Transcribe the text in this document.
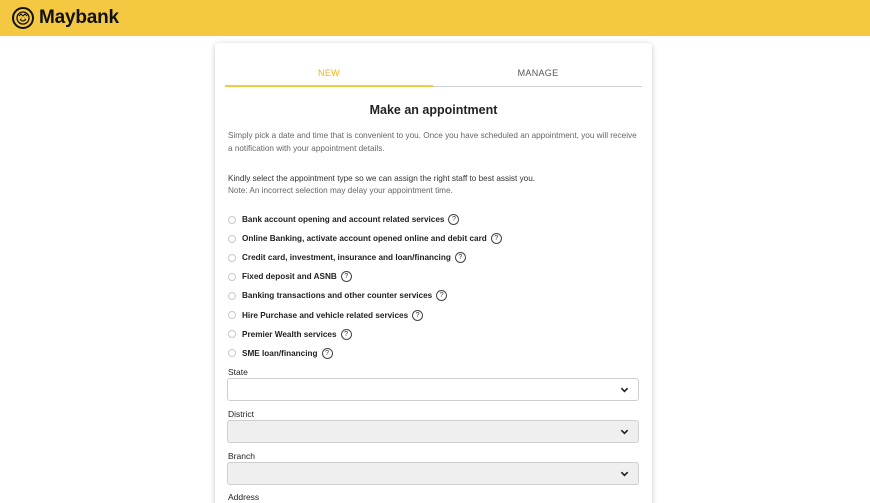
Maybank
NEW	MANAGE
Make an appointment

Simply pick a date and time that is convenient to you. Once you have scheduled an appointment, you will receive a notification with your appointment details.

Kindly select the appointment type so we can assign the right staff to best assist you.
Note: An incorrect selection may delay your appointment time.
Bank account opening and account related services	?
Online Banking, activate account opened online and debit card	?
Credit card, investment, insurance and loan/financing	?
Fixed deposit and ASNB	?
Banking transactions and other counter services	?
Hire Purchase and vehicle related services	?
Premier Wealth services	?
SME loan/financing	?
State
District
Branch
Address
